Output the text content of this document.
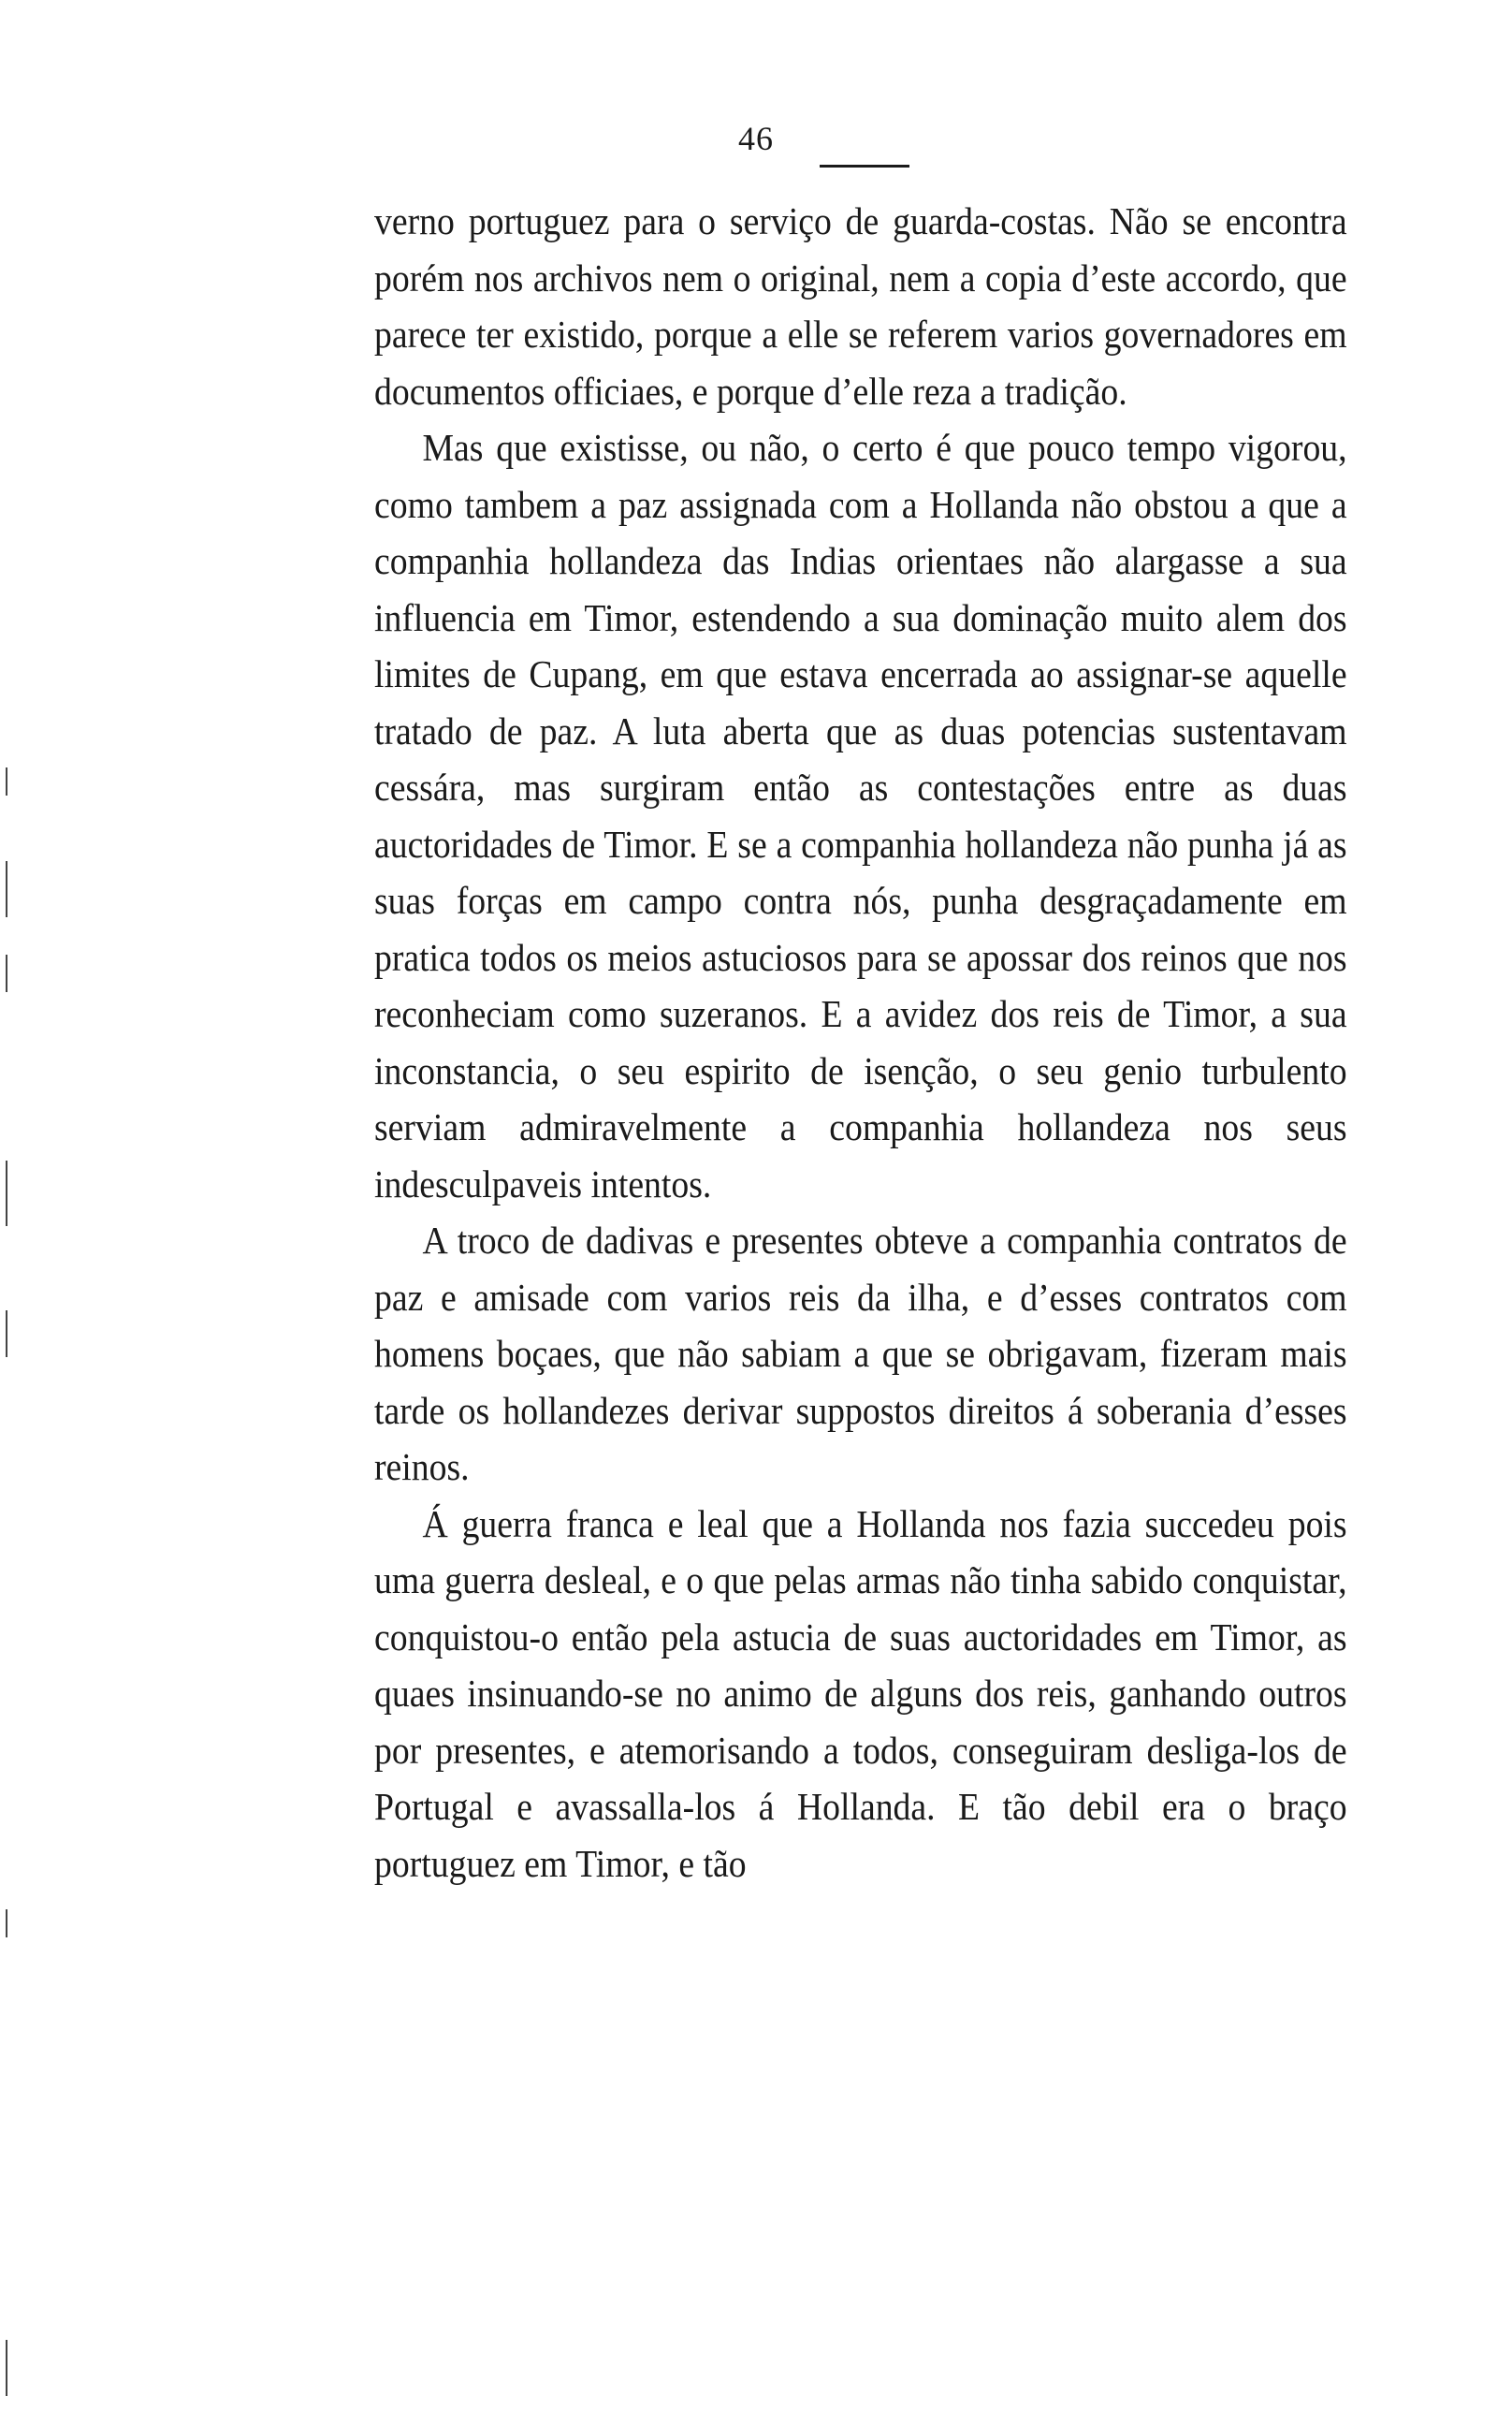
46

verno portuguez para o serviço de guarda-costas. Não se encontra porém nos archivos nem o original, nem a copia d’este accordo, que parece ter existido, porque a elle se referem varios governadores em documentos officiaes, e porque d’elle reza a tradição.

Mas que existisse, ou não, o certo é que pouco tempo vigorou, como tambem a paz assignada com a Hollanda não obstou a que a companhia hollandeza das Indias orientaes não alargasse a sua influencia em Timor, estendendo a sua dominação muito alem dos limites de Cupang, em que estava encerrada ao assignar-se aquelle tratado de paz. A luta aberta que as duas potencias sustentavam cessára, mas surgiram então as contestações entre as duas auctoridades de Timor. E se a companhia hollandeza não punha já as suas forças em campo contra nós, punha desgraçadamente em pratica todos os meios astuciosos para se apossar dos reinos que nos reconheciam como suzeranos. E a avidez dos reis de Timor, a sua inconstancia, o seu espirito de isenção, o seu genio turbulento serviam admiravelmente a companhia hollandeza nos seus indesculpaveis intentos.

A troco de dadivas e presentes obteve a companhia contratos de paz e amisade com varios reis da ilha, e d’esses contratos com homens boçaes, que não sabiam a que se obrigavam, fizeram mais tarde os hollandezes derivar suppostos direitos á soberania d’esses reinos.

Á guerra franca e leal que a Hollanda nos fazia succedeu pois uma guerra desleal, e o que pelas armas não tinha sabido conquistar, conquistou-o então pela astucia de suas auctoridades em Timor, as quaes insinuando-se no animo de alguns dos reis, ganhando outros por presentes, e atemorisando a todos, conseguiram desliga-los de Portugal e avassalla-los á Hollanda. E tão debil era o braço portuguez em Timor, e tão
